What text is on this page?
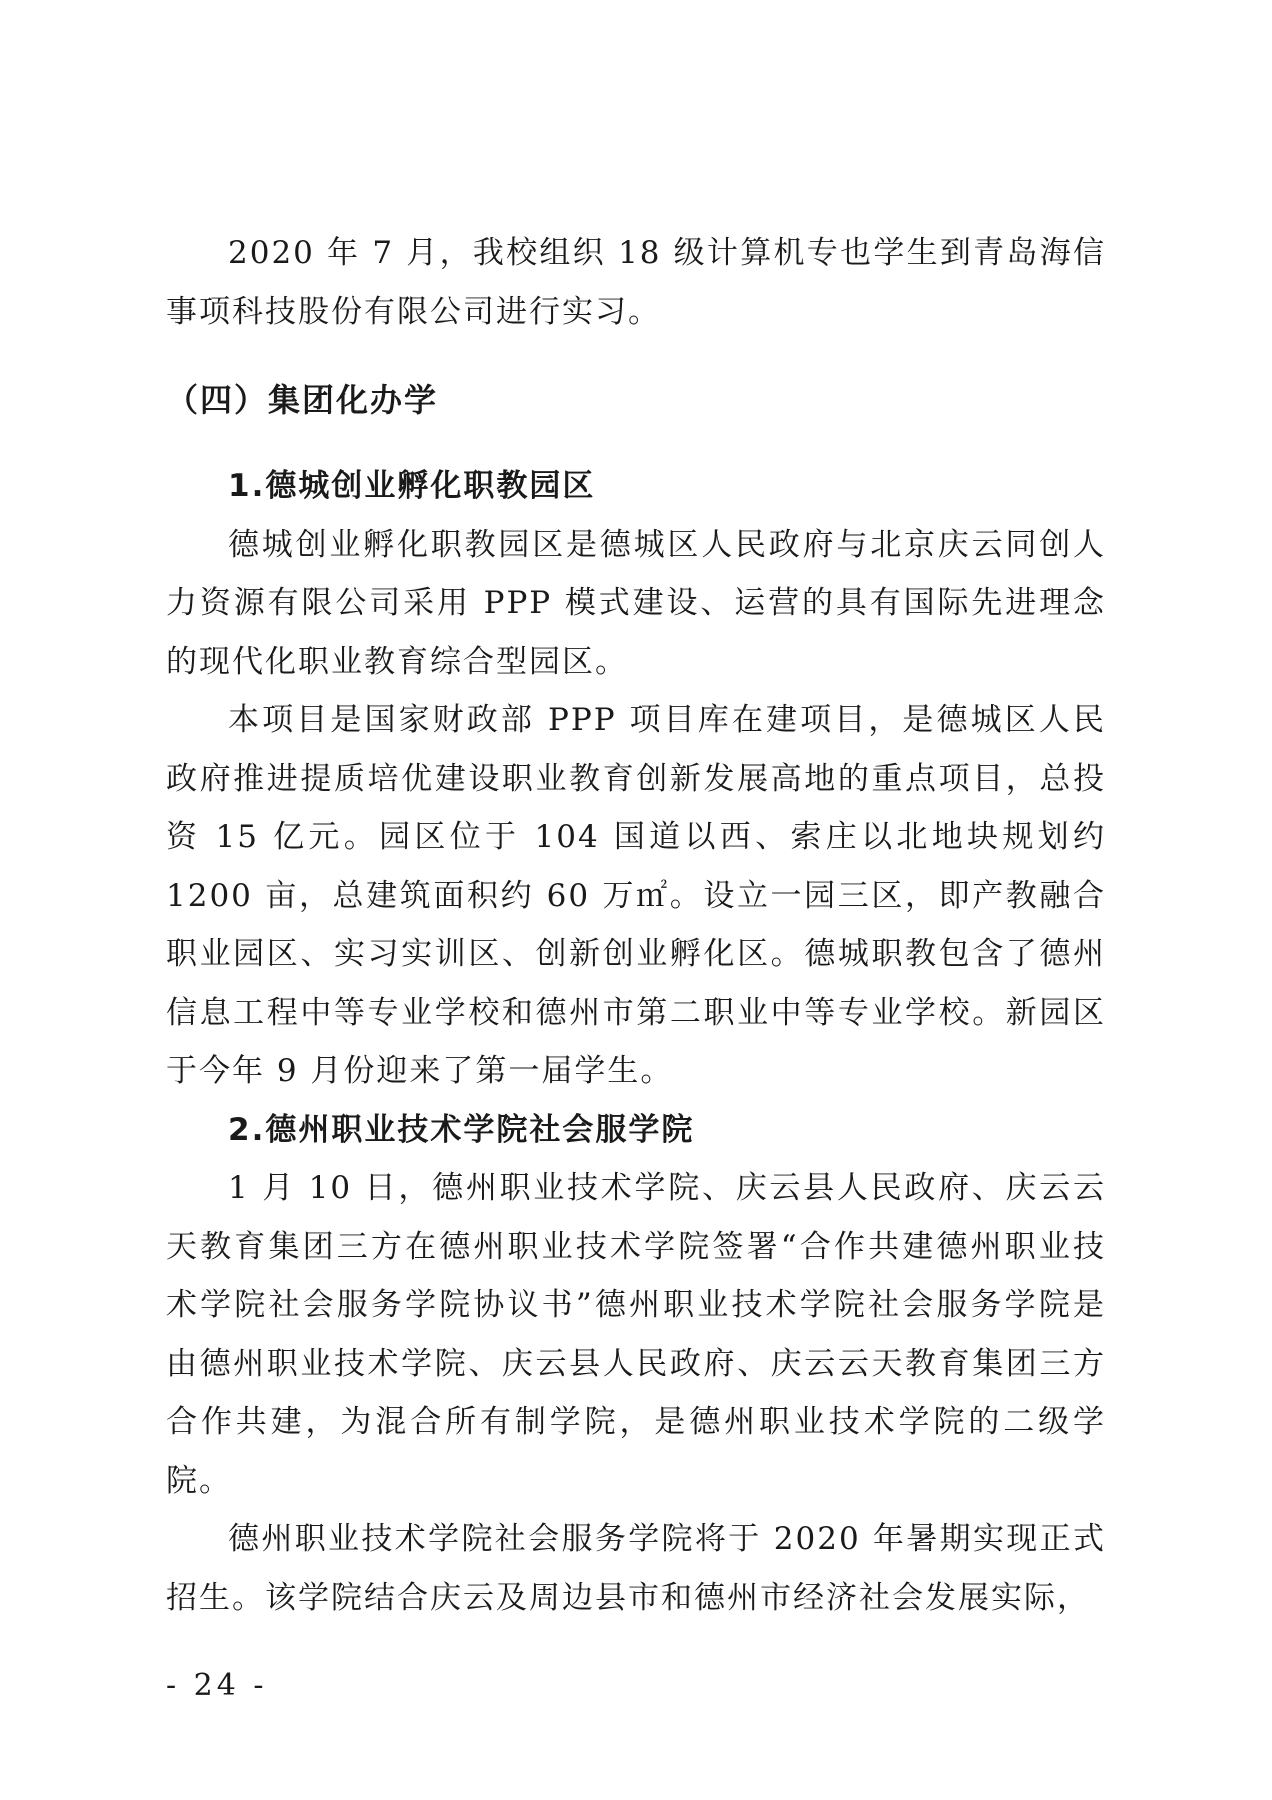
2020 年 7 月，我校组织 18 级计算机专也学生到青岛海信事项科技股份有限公司进行实习。

（四）集团化办学
1.德城创业孵化职教园区

德城创业孵化职教园区是德城区人民政府与北京庆云同创人力资源有限公司采用 PPP 模式建设、运营的具有国际先进理念的现代化职业教育综合型园区。

本项目是国家财政部 PPP 项目库在建项目，是德城区人民政府推进提质培优建设职业教育创新发展高地的重点项目，总投资 15 亿元。园区位于 104 国道以西、索庄以北地块规划约 1200 亩，总建筑面积约 60 万㎡。设立一园三区，即产教融合职业园区、实习实训区、创新创业孵化区。德城职教包含了德州信息工程中等专业学校和德州市第二职业中等专业学校。新园区于今年 9 月份迎来了第一届学生。

2.德州职业技术学院社会服学院

1 月 10 日，德州职业技术学院、庆云县人民政府、庆云云天教育集团三方在德州职业技术学院签署“合作共建德州职业技术学院社会服务学院协议书”德州职业技术学院社会服务学院是由德州职业技术学院、庆云县人民政府、庆云云天教育集团三方合作共建，为混合所有制学院，是德州职业技术学院的二级学院。

德州职业技术学院社会服务学院将于 2020 年暑期实现正式招生。该学院结合庆云及周边县市和德州市经济社会发展实际，

- 24 -
